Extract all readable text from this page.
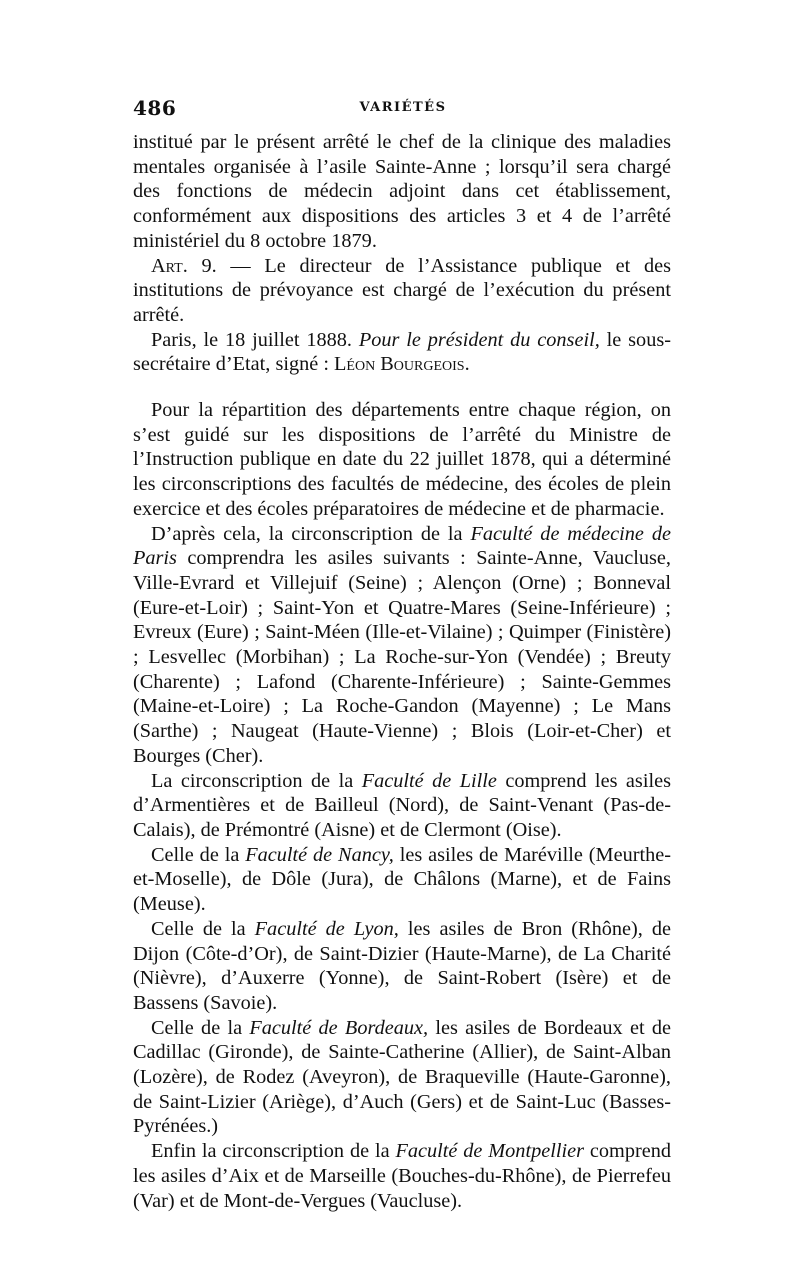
486	VARIÉTÉS

institué par le présent arrêté le chef de la clinique des maladies mentales organisée à l’asile Sainte-Anne ; lorsqu’il sera chargé des fonctions de médecin adjoint dans cet établissement, conformément aux dispositions des articles 3 et 4 de l’arrêté ministériel du 8 octobre 1879.

Art. 9. — Le directeur de l’Assistance publique et des institutions de prévoyance est chargé de l’exécution du présent arrêté.

Paris, le 18 juillet 1888. Pour le président du conseil, le sous-secrétaire d’Etat, signé : Léon Bourgeois.

Pour la répartition des départements entre chaque région, on s’est guidé sur les dispositions de l’arrêté du Ministre de l’Instruction publique en date du 22 juillet 1878, qui a déterminé les circonscriptions des facultés de médecine, des écoles de plein exercice et des écoles préparatoires de médecine et de pharmacie.

D’après cela, la circonscription de la Faculté de médecine de Paris comprendra les asiles suivants : Sainte-Anne, Vaucluse, Ville-Evrard et Villejuif (Seine) ; Alençon (Orne) ; Bonneval (Eure-et-Loir) ; Saint-Yon et Quatre-Mares (Seine-Inférieure) ; Evreux (Eure) ; Saint-Méen (Ille-et-Vilaine) ; Quimper (Finistère) ; Lesvellec (Morbihan) ; La Roche-sur-Yon (Vendée) ; Breuty (Charente) ; Lafond (Charente-Inférieure) ; Sainte-Gemmes (Maine-et-Loire) ; La Roche-Gandon (Mayenne) ; Le Mans (Sarthe) ; Naugeat (Haute-Vienne) ; Blois (Loir-et-Cher) et Bourges (Cher).

La circonscription de la Faculté de Lille comprend les asiles d’Armentières et de Bailleul (Nord), de Saint-Venant (Pas-de-Calais), de Prémontré (Aisne) et de Clermont (Oise).

Celle de la Faculté de Nancy, les asiles de Maréville (Meurthe-et-Moselle), de Dôle (Jura), de Châlons (Marne), et de Fains (Meuse).

Celle de la Faculté de Lyon, les asiles de Bron (Rhône), de Dijon (Côte-d’Or), de Saint-Dizier (Haute-Marne), de La Charité (Nièvre), d’Auxerre (Yonne), de Saint-Robert (Isère) et de Bassens (Savoie).

Celle de la Faculté de Bordeaux, les asiles de Bordeaux et de Cadillac (Gironde), de Sainte-Catherine (Allier), de Saint-Alban (Lozère), de Rodez (Aveyron), de Braqueville (Haute-Garonne), de Saint-Lizier (Ariège), d’Auch (Gers) et de Saint-Luc (Basses-Pyrénées.)

Enfin la circonscription de la Faculté de Montpellier comprend les asiles d’Aix et de Marseille (Bouches-du-Rhône), de Pierrefeu (Var) et de Mont-de-Vergues (Vaucluse).
